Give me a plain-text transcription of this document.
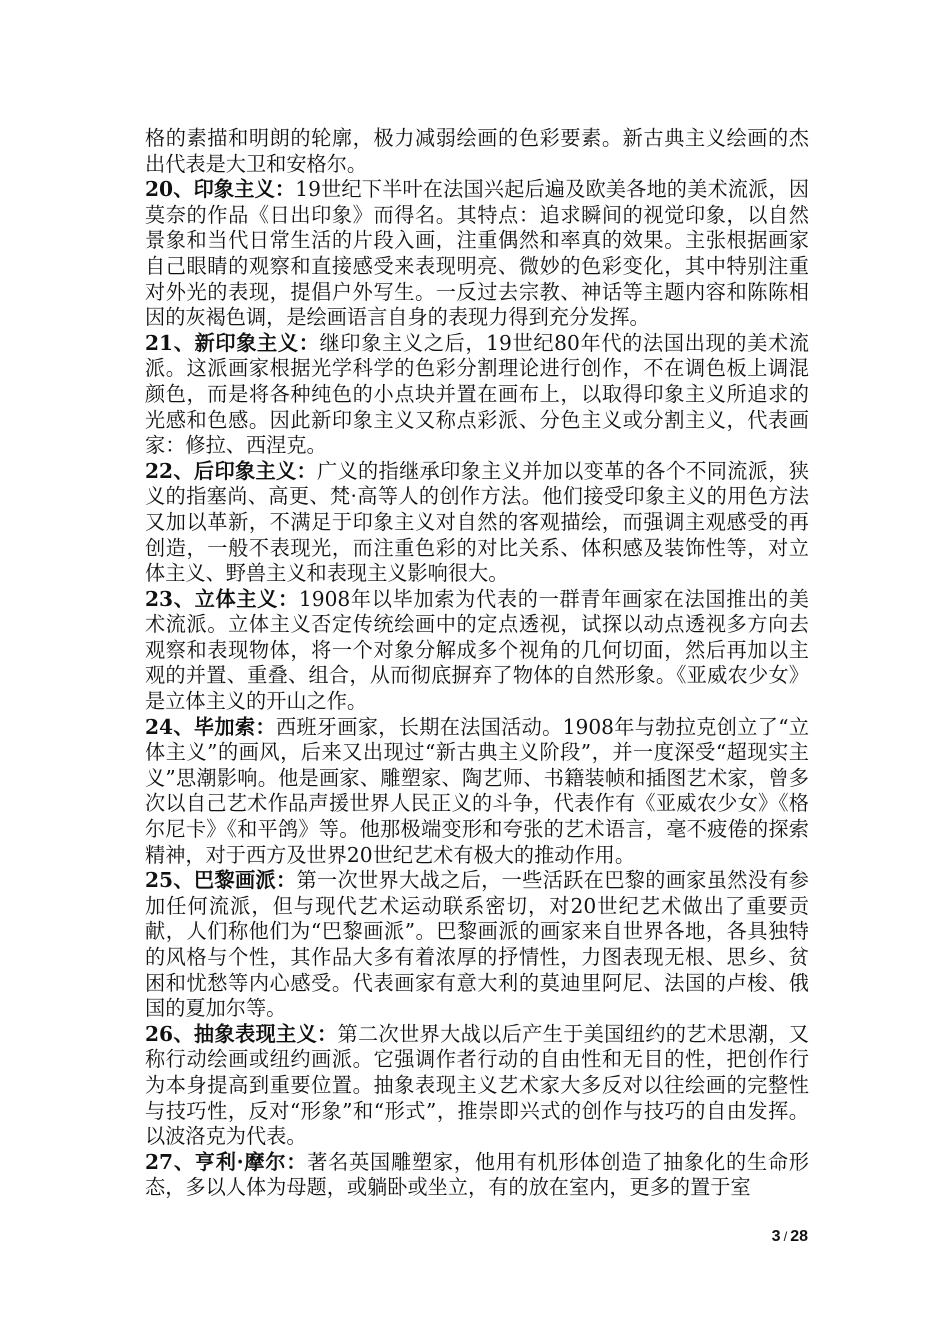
格的素描和明朗的轮廓，极力减弱绘画的色彩要素。新古典主义绘画的杰出代表是大卫和安格尔。

20、印象主义：19世纪下半叶在法国兴起后遍及欧美各地的美术流派，因莫奈的作品《日出印象》而得名。其特点：追求瞬间的视觉印象，以自然景象和当代日常生活的片段入画，注重偶然和率真的效果。主张根据画家自己眼睛的观察和直接感受来表现明亮、微妙的色彩变化，其中特别注重对外光的表现，提倡户外写生。一反过去宗教、神话等主题内容和陈陈相因的灰褐色调，是绘画语言自身的表现力得到充分发挥。

21、新印象主义：继印象主义之后，19世纪80年代的法国出现的美术流派。这派画家根据光学科学的色彩分割理论进行创作，不在调色板上调混颜色，而是将各种纯色的小点块并置在画布上，以取得印象主义所追求的光感和色感。因此新印象主义又称点彩派、分色主义或分割主义，代表画家：修拉、西涅克。

22、后印象主义：广义的指继承印象主义并加以变革的各个不同流派，狭义的指塞尚、高更、梵·高等人的创作方法。他们接受印象主义的用色方法又加以革新，不满足于印象主义对自然的客观描绘，而强调主观感受的再创造，一般不表现光，而注重色彩的对比关系、体积感及装饰性等，对立体主义、野兽主义和表现主义影响很大。

23、立体主义：1908年以毕加索为代表的一群青年画家在法国推出的美术流派。立体主义否定传统绘画中的定点透视，试探以动点透视多方向去观察和表现物体，将一个对象分解成多个视角的几何切面，然后再加以主观的并置、重叠、组合，从而彻底摒弃了物体的自然形象。《亚威农少女》是立体主义的开山之作。

24、毕加索：西班牙画家，长期在法国活动。1908年与勃拉克创立了“立体主义”的画风，后来又出现过“新古典主义阶段”，并一度深受“超现实主义”思潮影响。他是画家、雕塑家、陶艺师、书籍装帧和插图艺术家，曾多次以自己艺术作品声援世界人民正义的斗争，代表作有《亚威农少女》《格尔尼卡》《和平鸽》等。他那极端变形和夸张的艺术语言，毫不疲倦的探索精神，对于西方及世界20世纪艺术有极大的推动作用。

25、巴黎画派：第一次世界大战之后，一些活跃在巴黎的画家虽然没有参加任何流派，但与现代艺术运动联系密切，对20世纪艺术做出了重要贡献，人们称他们为“巴黎画派”。巴黎画派的画家来自世界各地，各具独特的风格与个性，其作品大多有着浓厚的抒情性，力图表现无根、思乡、贫困和忧愁等内心感受。代表画家有意大利的莫迪里阿尼、法国的卢梭、俄国的夏加尔等。

26、抽象表现主义：第二次世界大战以后产生于美国纽约的艺术思潮，又称行动绘画或纽约画派。它强调作者行动的自由性和无目的性，把创作行为本身提高到重要位置。抽象表现主义艺术家大多反对以往绘画的完整性与技巧性，反对“形象”和“形式”，推崇即兴式的创作与技巧的自由发挥。以波洛克为代表。

27、亨利·摩尔：著名英国雕塑家，他用有机形体创造了抽象化的生命形态，多以人体为母题，或躺卧或坐立，有的放在室内，更多的置于室

3 / 28
